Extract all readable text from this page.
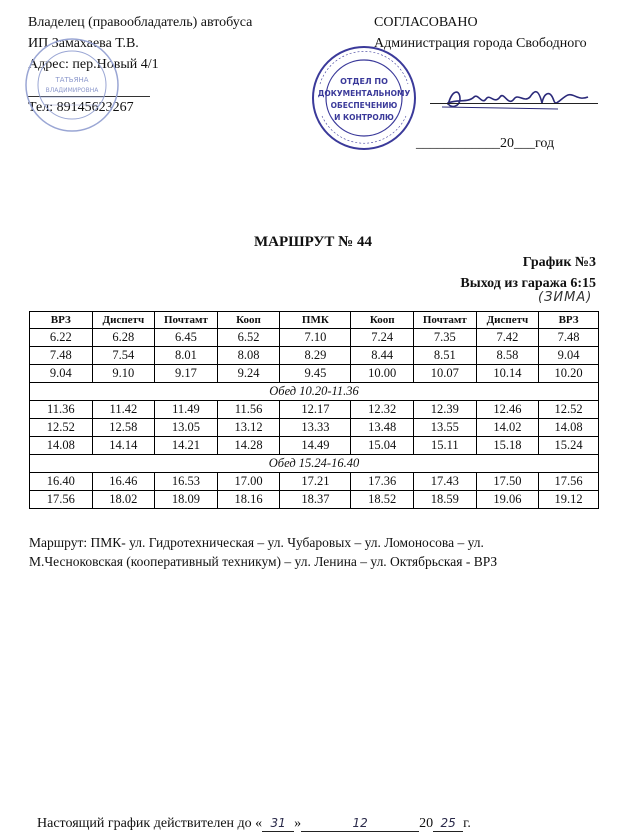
Владелец (правообладатель) автобуса
ИП Замахаева Т.В.
Адрес: пер.Новый 4/1
Тел: 89145623267
ТАТЬЯНА
ВЛАДИМИРОВНА
СОГЛАСОВАНО
Администрация города Свободного
ОТДЕЛ ПО
ДОКУМЕНТАЛЬНОМУ
ОБЕСПЕЧЕНИЮ
И КОНТРОЛЮ
____________20___год
МАРШРУТ № 44
График №3
Выход из гаража 6:15
(ЗИМА)
ВРЗ	Диспетч	Почтамт	Кооп	ПМК	Кооп	Почтамт	Диспетч	ВРЗ
6.22	6.28	6.45	6.52	7.10	7.24	7.35	7.42	7.48
7.48	7.54	8.01	8.08	8.29	8.44	8.51	8.58	9.04
9.04	9.10	9.17	9.24	9.45	10.00	10.07	10.14	10.20
Обед 10.20-11.36								
11.36	11.42	11.49	11.56	12.17	12.32	12.39	12.46	12.52
12.52	12.58	13.05	13.12	13.33	13.48	13.55	14.02	14.08
14.08	14.14	14.21	14.28	14.49	15.04	15.11	15.18	15.24
Обед 15.24-16.40								
16.40	16.46	16.53	17.00	17.21	17.36	17.43	17.50	17.56
17.56	18.02	18.09	18.16	18.37	18.52	18.59	19.06	19.12
Маршрут: ПМК- ул. Гидротехническая – ул. Чубаровых – ул. Ломоносова – ул.
М.Чесноковская (кооперативный техникум) – ул. Ленина – ул. Октябрьская - ВРЗ
Настоящий график действителен до « 31 »	12	20 25 г.
